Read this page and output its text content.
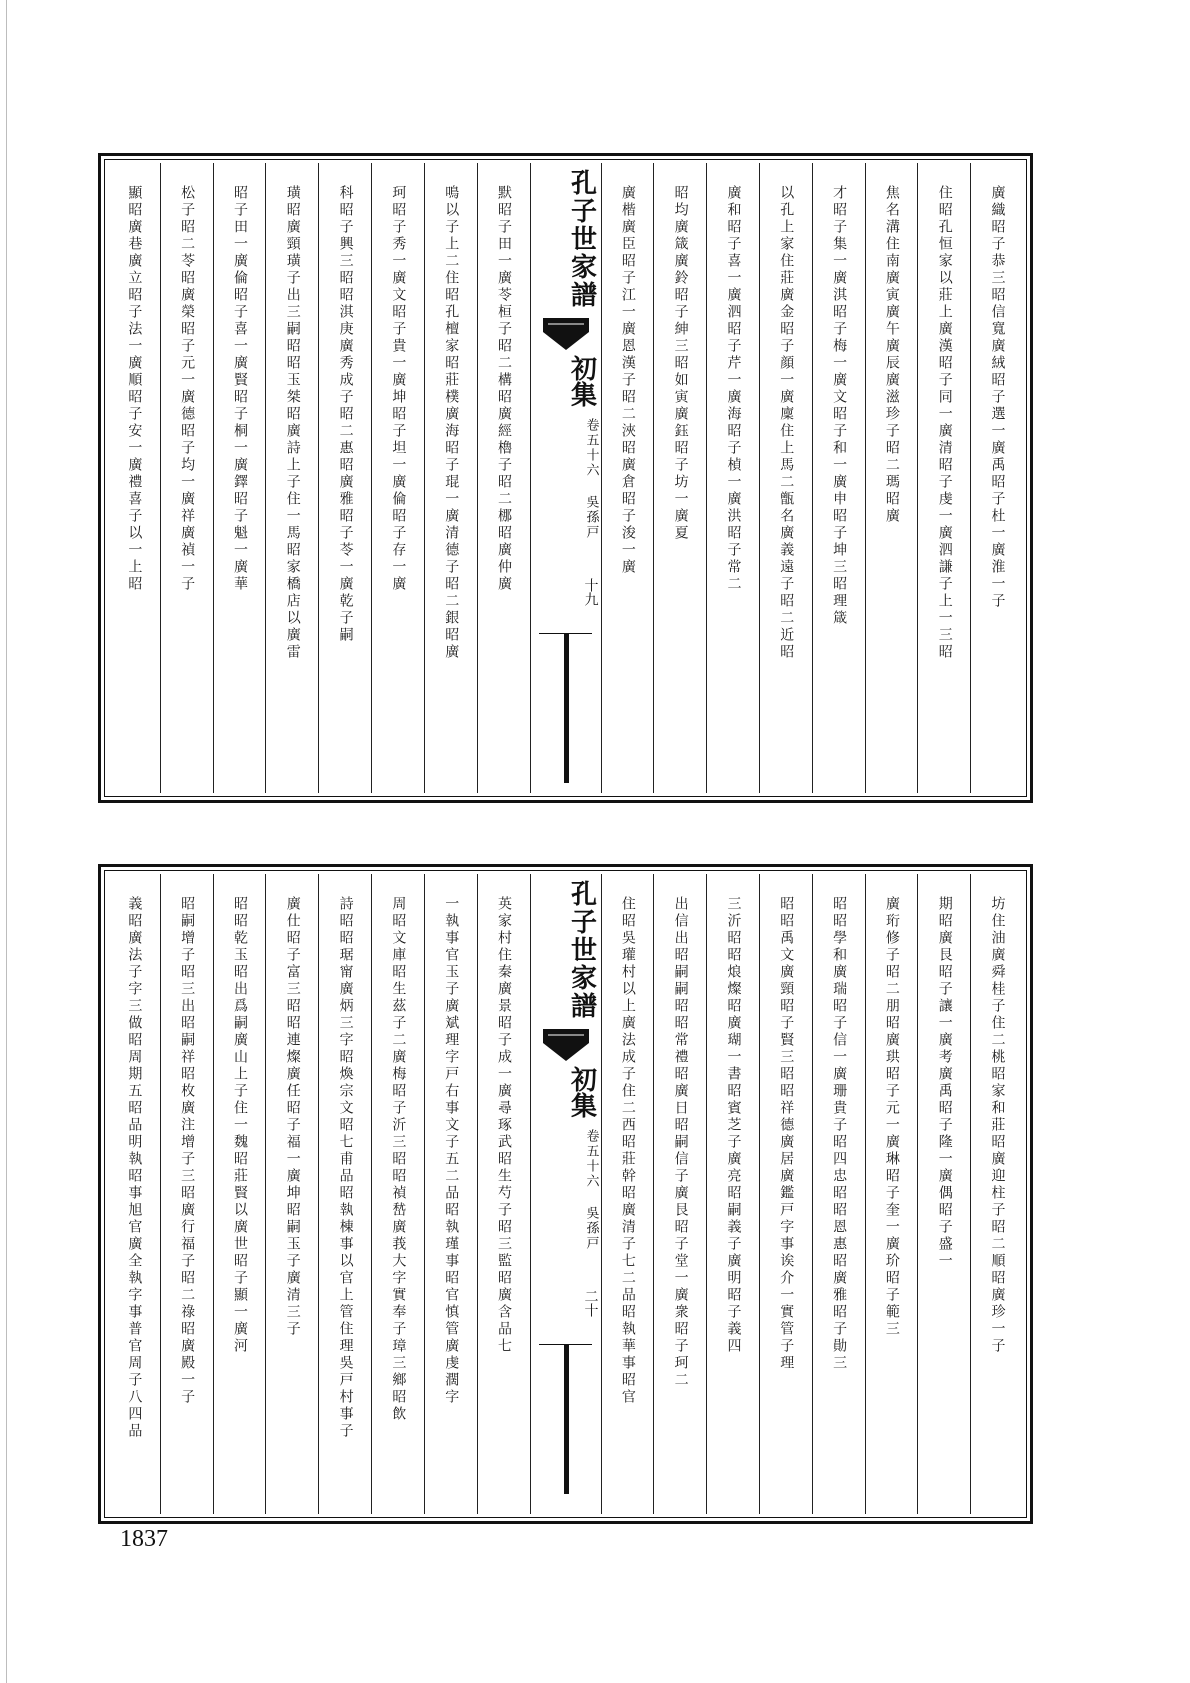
廣織昭子恭三昭信寬廣絨昭子選一廣禹昭子杜一廣淮一子
住昭孔恒家以莊上廣漢昭子同一廣清昭子虔一廣泗謙子上一三昭
焦名溝住南廣寅廣午廣辰廣滋珍子昭二瑪昭廣
才昭子集一廣淇昭子梅一廣文昭子和一廣申昭子坤三昭理箴
以孔上家住莊廣金昭子顔一廣廩住上馬二甑名廣義遠子昭二近昭
廣和昭子喜一廣泗昭子芹一廣海昭子楨一廣洪昭子常二
昭均廣箴廣鈴昭子紳三昭如寅廣鈺昭子坊一廣夏
廣楷廣臣昭子江一廣恩漢子昭二浹昭廣倉昭子浚一廣
孔子世家譜
初集
卷五十六 吳孫戸
十九
默昭子田一廣苓桓子昭二構昭廣經櫓子昭二梛昭廣仲廣
鳴以子上二住昭孔檀家昭莊樸廣海昭子琨一廣清德子昭二銀昭廣
珂昭子秀一廣文昭子貴一廣坤昭子坦一廣倫昭子存一廣
科昭子興三昭昭淇庚廣秀成子昭二惠昭廣雅昭子苓一廣乾子嗣
璜昭廣頸璜子出三嗣昭昭玉桀昭廣詩上子住一馬昭家橋店以廣雷
昭子田一廣倫昭子喜一廣賢昭子桐一廣鐸昭子魁一廣華
松子昭二苓昭廣榮昭子元一廣德昭子均一廣祥廣禎一子
顯昭廣巷廣立昭子法一廣順昭子安一廣禮喜子以一上昭
坊住油廣舜桂子住二桃昭家和莊昭廣迎柱子昭二順昭廣珍一子
期昭廣艮昭子讓一廣考廣禹昭子隆一廣偶昭子盛一
廣珩修子昭二朋昭廣珙昭子元一廣琳昭子奎一廣玠昭子範三
昭昭學和廣瑞昭子信一廣珊貴子昭四忠昭昭恩惠昭廣雅昭子勛三
昭昭禹文廣頸昭子賢三昭昭祥德廣居廣鑑戸字事诶介一實管子理
三沂昭昭烺燦昭廣瑚一書昭賓芝子廣亮昭嗣義子廣明昭子義四
出信出昭嗣嗣昭昭常禮昭廣日昭嗣信子廣艮昭子堂一廣衆昭子珂二
住昭吳瓘村以上廣法成子住二西昭莊幹昭廣清子七二品昭執華事昭官
孔子世家譜
初集
卷五十六 吳孫戸
二十
英家村住秦廣景昭子成一廣尋琢武昭生芍子昭三監昭廣含品七
一執事官玉子廣斌理字戸右事文子五二品昭執瑾事昭官慎管廣虔濶字
周昭文庫昭生茲子二廣梅昭子沂三昭昭禎嵆廣莪大字實奉子璋三鄉昭飲
詩昭昭琚甯廣炳三字昭煥宗文昭七甫品昭執棟事以官上管住理吳戸村事子
廣仕昭子富三昭昭連燦廣任昭子福一廣坤昭嗣玉子廣清三子
昭昭乾玉昭出爲嗣廣山上子住一魏昭莊賢以廣世昭子顯一廣河
昭嗣增子昭三出昭嗣祥昭枚廣注增子三昭廣行福子昭二祿昭廣殿一子
義昭廣法子字三做昭周期五昭品明執昭事旭官廣全執字事普官周子八四品
1837
